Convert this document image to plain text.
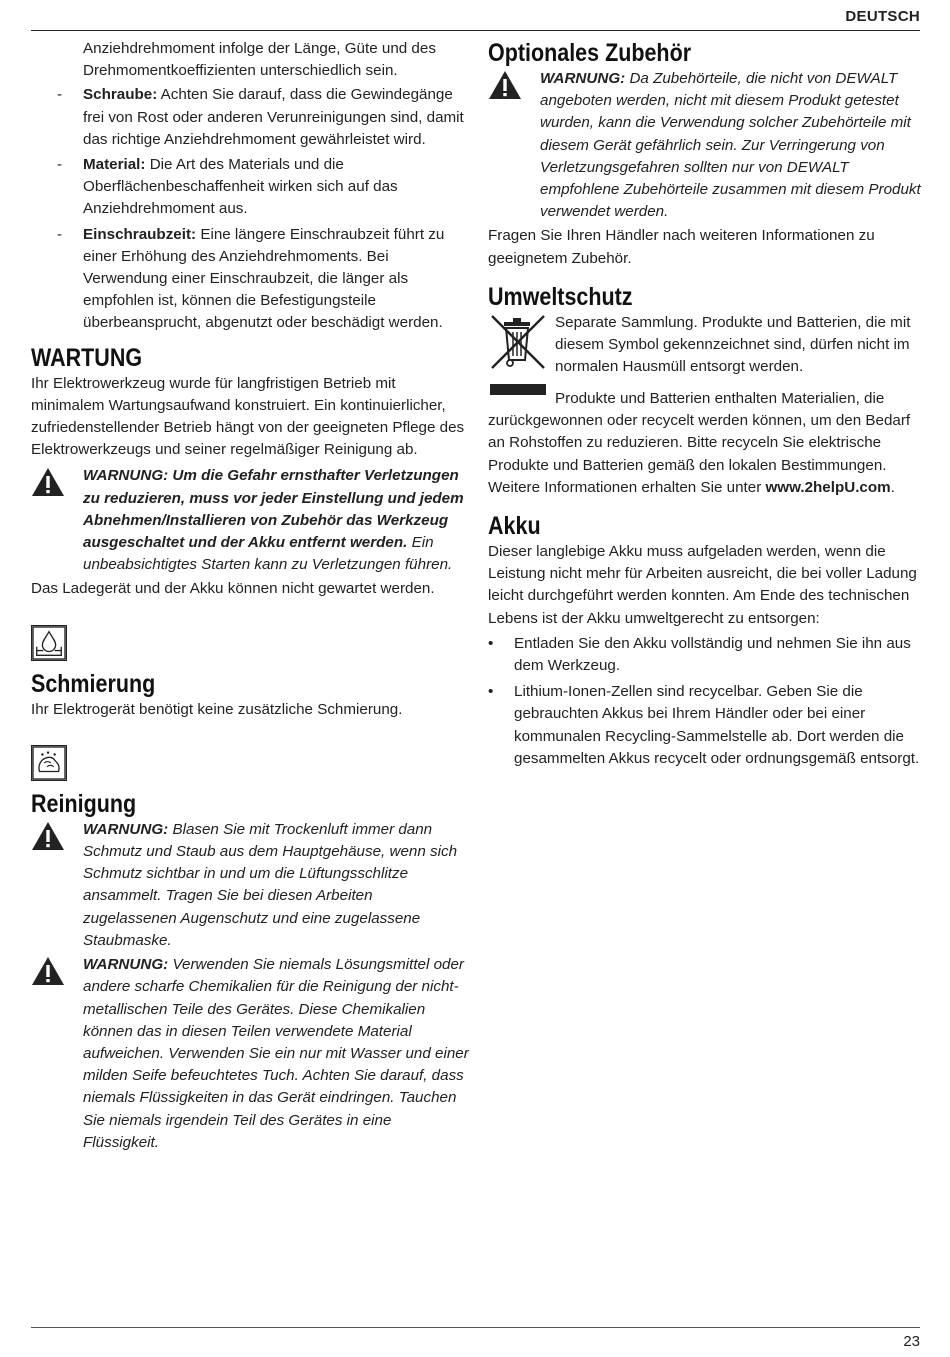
DEUTSCH

Anziehdrehmoment infolge der Länge, Güte und des Drehmomentkoeffizienten unterschiedlich sein.

-	Schraube: Achten Sie darauf, dass die Gewindegänge frei von Rost oder anderen Verunreinigungen sind, damit das richtige Anziehdrehmoment gewährleistet wird.
-	Material: Die Art des Materials und die Oberflächenbeschaffenheit wirken sich auf das Anziehdrehmoment aus.
-	Einschraubzeit: Eine längere Einschraubzeit führt zu einer Erhöhung des Anziehdrehmoments. Bei Verwendung einer Einschraubzeit, die länger als empfohlen ist, können die Befestigungsteile überbeansprucht, abgenutzt oder beschädigt werden.
WARTUNG

Ihr Elektrowerkzeug wurde für langfristigen Betrieb mit minimalem Wartungsaufwand konstruiert. Ein kontinuierlicher, zufriedenstellender Betrieb hängt von der geeigneten Pflege des Elektrowerkzeugs und seiner regelmäßiger Reinigung ab.

WARNUNG: Um die Gefahr ernsthafter Verletzungen zu reduzieren, muss vor jeder Einstellung und jedem Abnehmen/Installieren von Zubehör das Werkzeug ausgeschaltet und der Akku entfernt werden. Ein unbeabsichtigtes Starten kann zu Verletzungen führen.

Das Ladegerät und der Akku können nicht gewartet werden.

Schmierung

Ihr Elektrogerät benötigt keine zusätzliche Schmierung.

Reinigung
WARNUNG: Blasen Sie mit Trockenluft immer dann Schmutz und Staub aus dem Hauptgehäuse, wenn sich Schmutz sichtbar in und um die Lüftungsschlitze ansammelt. Tragen Sie bei diesen Arbeiten zugelassenen Augenschutz und eine zugelassene Staubmaske.
WARNUNG: Verwenden Sie niemals Lösungsmittel oder andere scharfe Chemikalien für die Reinigung der nicht-metallischen Teile des Gerätes. Diese Chemikalien können das in diesen Teilen verwendete Material aufweichen. Verwenden Sie ein nur mit Wasser und einer milden Seife befeuchtetes Tuch. Achten Sie darauf, dass niemals Flüssigkeiten in das Gerät eindringen. Tauchen Sie niemals irgendein Teil des Gerätes in eine Flüssigkeit.
Optionales Zubehör
WARNUNG: Da Zubehörteile, die nicht von DEWALT angeboten werden, nicht mit diesem Produkt getestet wurden, kann die Verwendung solcher Zubehörteile mit diesem Gerät gefährlich sein. Zur Verringerung von Verletzungsgefahren sollten nur von DEWALT empfohlene Zubehörteile zusammen mit diesem Produkt verwendet werden.

Fragen Sie Ihren Händler nach weiteren Informationen zu geeignetem Zubehör.

Umweltschutz
Separate Sammlung. Produkte und Batterien, die mit diesem Symbol gekennzeichnet sind, dürfen nicht im normalen Hausmüll entsorgt werden.

Produkte und Batterien enthalten Materialien, die zurückgewonnen oder recycelt werden können, um den Bedarf an Rohstoffen zu reduzieren. Bitte recyceln Sie elektrische Produkte und Batterien gemäß den lokalen Bestimmungen. Weitere Informationen erhalten Sie unter www.2helpU.com.

Akku

Dieser langlebige Akku muss aufgeladen werden, wenn die Leistung nicht mehr für Arbeiten ausreicht, die bei voller Ladung leicht durchgeführt werden konnten. Am Ende des technischen Lebens ist der Akku umweltgerecht zu entsorgen:

•	Entladen Sie den Akku vollständig und nehmen Sie ihn aus dem Werkzeug.
•	Lithium-Ionen-Zellen sind recycelbar. Geben Sie die gebrauchten Akkus bei Ihrem Händler oder bei einer kommunalen Recycling-Sammelstelle ab. Dort werden die gesammelten Akkus recycelt oder ordnungsgemäß entsorgt.
23
